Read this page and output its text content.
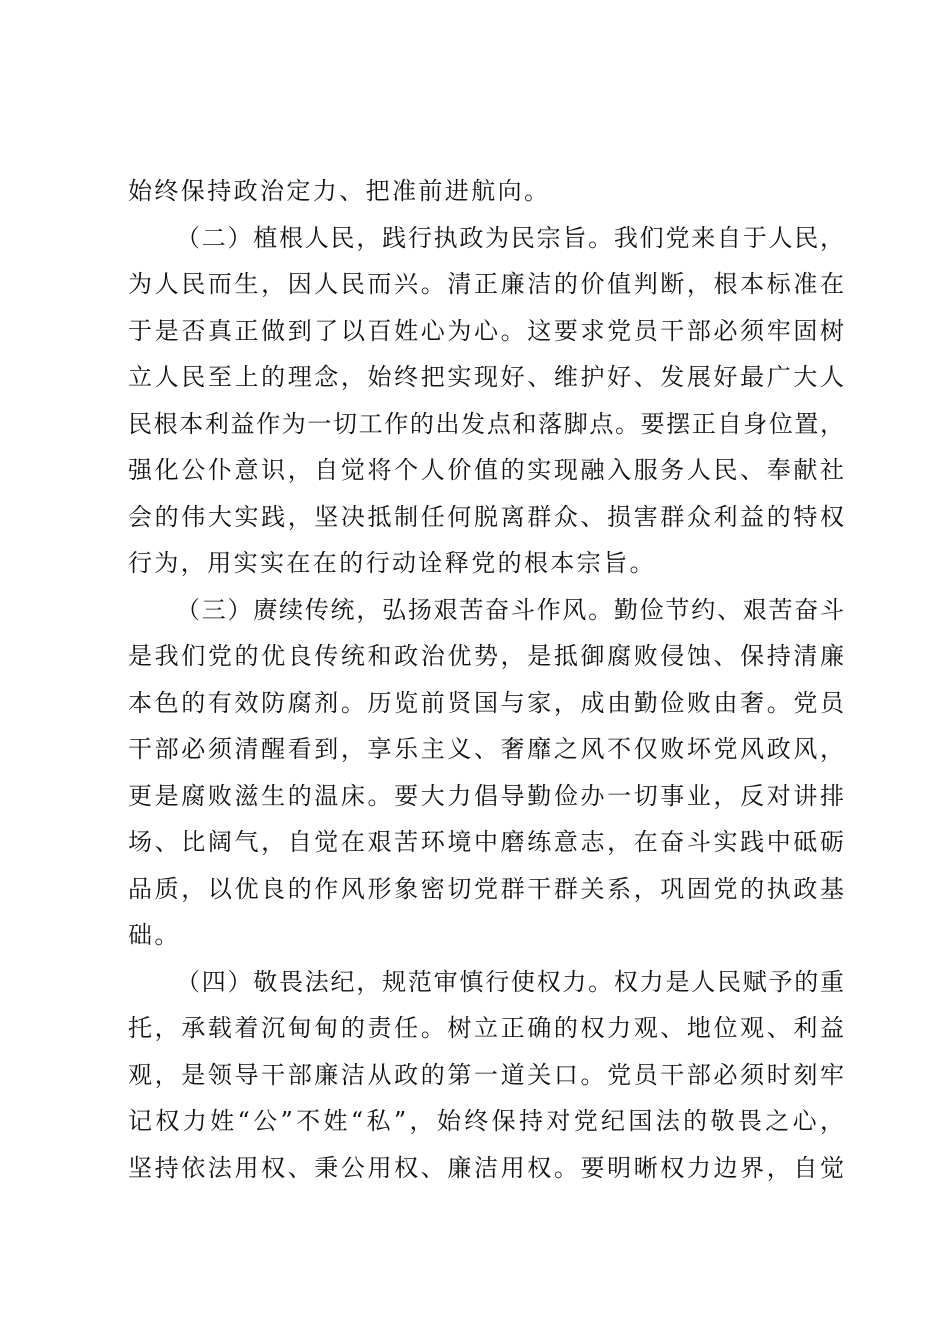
始终保持政治定力、把准前进航向。
（二）植根人民，践行执政为民宗旨。我们党来自于人民，
为人民而生，因人民而兴。清正廉洁的价值判断，根本标准在
于是否真正做到了以百姓心为心。这要求党员干部必须牢固树
立人民至上的理念，始终把实现好、维护好、发展好最广大人
民根本利益作为一切工作的出发点和落脚点。要摆正自身位置，
强化公仆意识，自觉将个人价值的实现融入服务人民、奉献社
会的伟大实践，坚决抵制任何脱离群众、损害群众利益的特权
行为，用实实在在的行动诠释党的根本宗旨。
（三）赓续传统，弘扬艰苦奋斗作风。勤俭节约、艰苦奋斗
是我们党的优良传统和政治优势，是抵御腐败侵蚀、保持清廉
本色的有效防腐剂。历览前贤国与家，成由勤俭败由奢。党员
干部必须清醒看到，享乐主义、奢靡之风不仅败坏党风政风，
更是腐败滋生的温床。要大力倡导勤俭办一切事业，反对讲排
场、比阔气，自觉在艰苦环境中磨练意志，在奋斗实践中砥砺
品质，以优良的作风形象密切党群干群关系，巩固党的执政基
础。
（四）敬畏法纪，规范审慎行使权力。权力是人民赋予的重
托，承载着沉甸甸的责任。树立正确的权力观、地位观、利益
观，是领导干部廉洁从政的第一道关口。党员干部必须时刻牢
记权力姓“公”不姓“私”，始终保持对党纪国法的敬畏之心，
坚持依法用权、秉公用权、廉洁用权。要明晰权力边界，自觉
